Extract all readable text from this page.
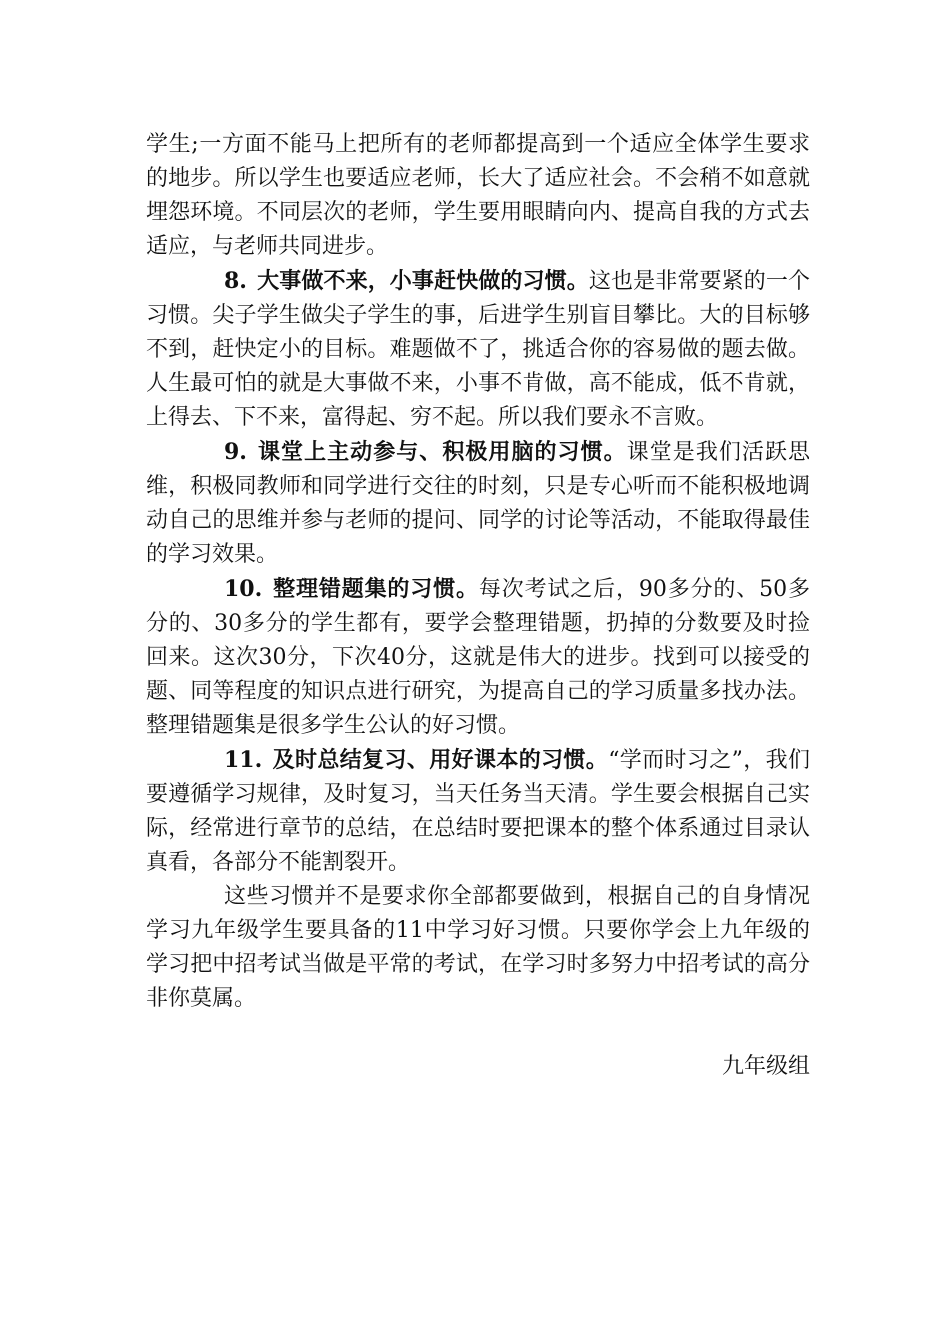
学生;一方面不能马上把所有的老师都提高到一个适应全体学生要求的地步。所以学生也要适应老师，长大了适应社会。不会稍不如意就埋怨环境。不同层次的老师，学生要用眼睛向内、提高自我的方式去适应，与老师共同进步。

8. 大事做不来，小事赶快做的习惯。这也是非常要紧的一个习惯。尖子学生做尖子学生的事，后进学生别盲目攀比。大的目标够不到，赶快定小的目标。难题做不了，挑适合你的容易做的题去做。人生最可怕的就是大事做不来，小事不肯做，高不能成，低不肯就，上得去、下不来，富得起、穷不起。所以我们要永不言败。

9. 课堂上主动参与、积极用脑的习惯。课堂是我们活跃思维，积极同教师和同学进行交往的时刻，只是专心听而不能积极地调动自己的思维并参与老师的提问、同学的讨论等活动，不能取得最佳的学习效果。

10. 整理错题集的习惯。每次考试之后，90多分的、50多分的、30多分的学生都有，要学会整理错题，扔掉的分数要及时捡回来。这次30分，下次40分，这就是伟大的进步。找到可以接受的题、同等程度的知识点进行研究，为提高自己的学习质量多找办法。整理错题集是很多学生公认的好习惯。

11. 及时总结复习、用好课本的习惯。“学而时习之”，我们要遵循学习规律，及时复习，当天任务当天清。学生要会根据自己实际，经常进行章节的总结，在总结时要把课本的整个体系通过目录认真看，各部分不能割裂开。

这些习惯并不是要求你全部都要做到，根据自己的自身情况学习九年级学生要具备的11中学习好习惯。只要你学会上九年级的学习把中招考试当做是平常的考试，在学习时多努力中招考试的高分非你莫属。

九年级组
